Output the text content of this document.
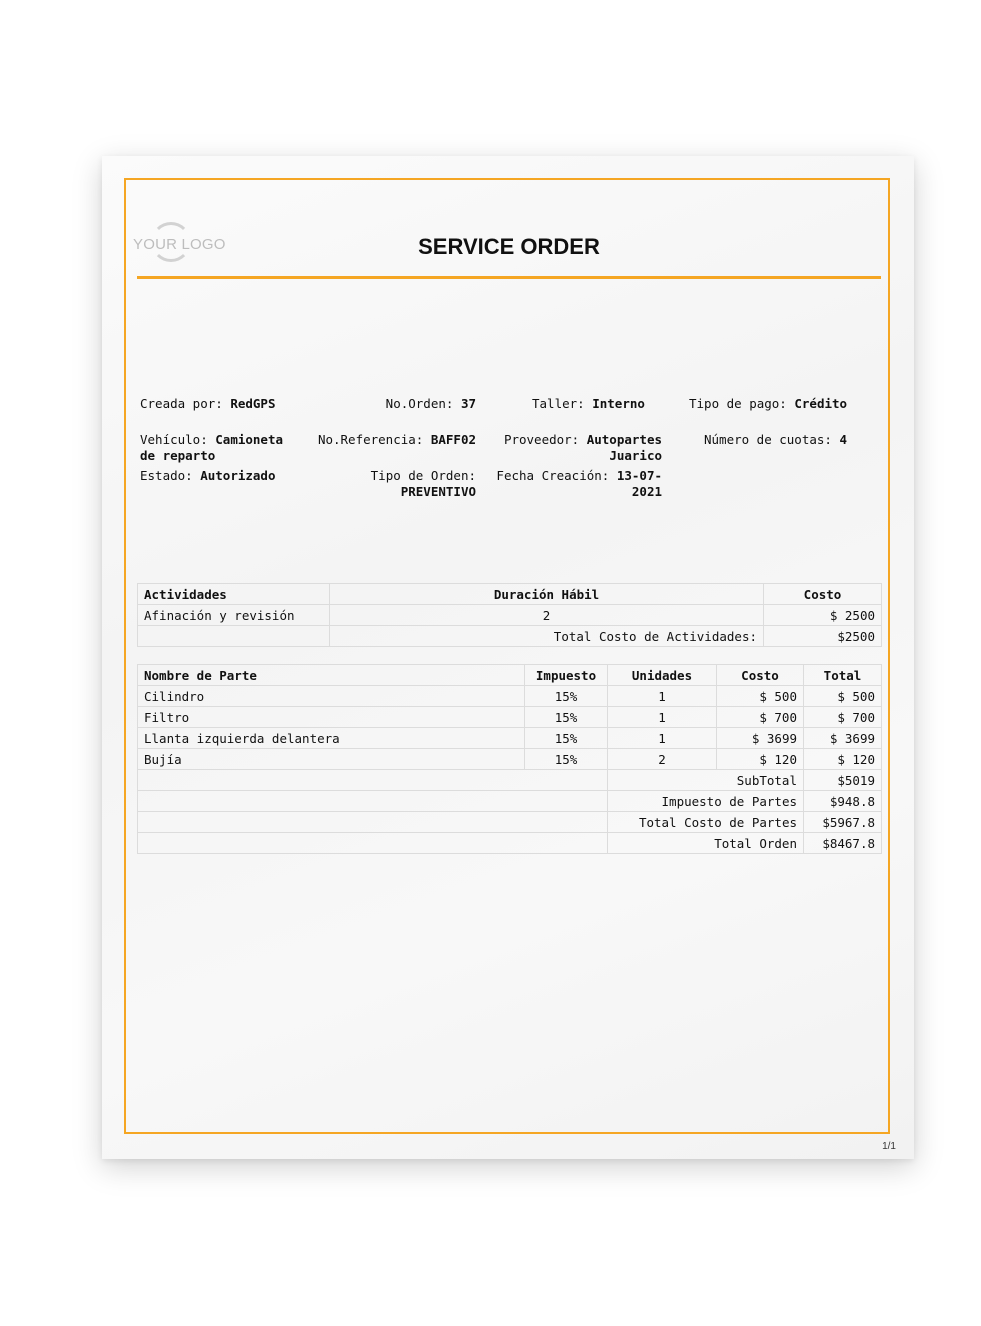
YOUR LOGO	SERVICE ORDER
Creada por: RedGPS	No.Orden: 37	Taller: Interno	Tipo de pago: Crédito
Vehículo: Camioneta
de reparto
No.Referencia: BAFF02	Proveedor: Autopartes
Juarico
Número de cuotas: 4
Estado: Autorizado	Tipo de Orden:
PREVENTIVO
Fecha Creación: 13-07-
2021
Actividades	Duración Hábil	Costo
Afinación y revisión	2	$ 2500
	Total Costo de Actividades:	$2500
Nombre de Parte	Impuesto	Unidades	Costo	Total
Cilindro	15%	1	$ 500	$ 500
Filtro	15%	1	$ 700	$ 700
Llanta izquierda delantera	15%	1	$ 3699	$ 3699
Bujía	15%	2	$ 120	$ 120
		SubTotal		$5019
		Impuesto de Partes		$948.8
		Total Costo de Partes		$5967.8
		Total Orden		$8467.8
1/1
